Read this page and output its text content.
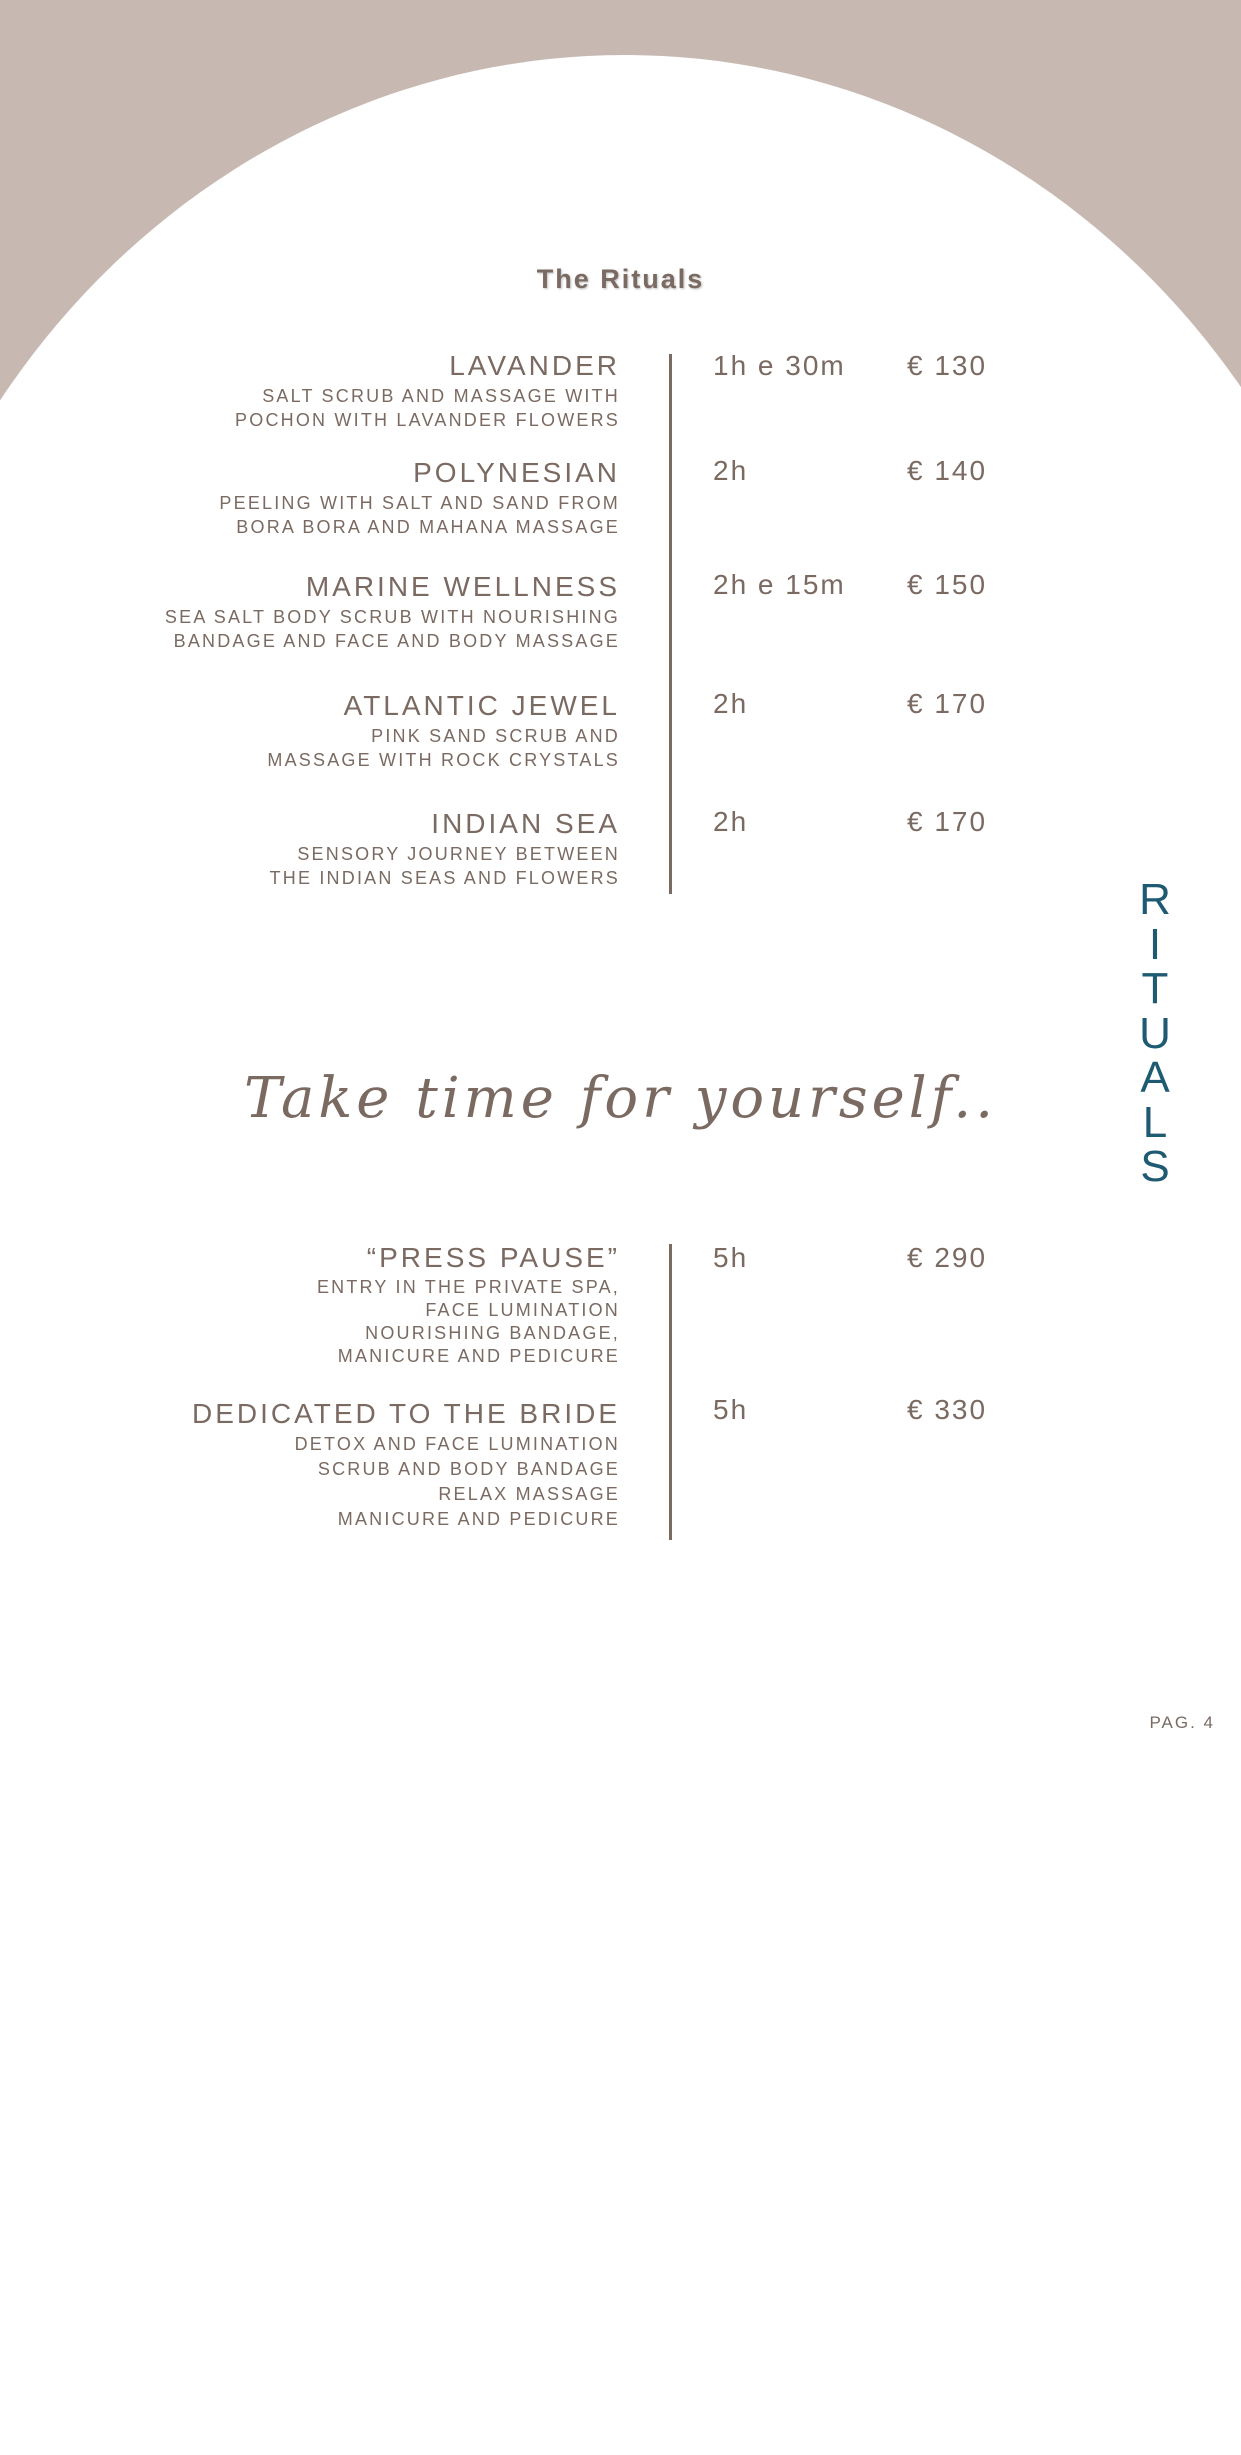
The Rituals
LAVANDER
SALT SCRUB AND MASSAGE WITH
POCHON WITH LAVANDER FLOWERS
1h e 30m € 130
POLYNESIAN
PEELING WITH SALT AND SAND FROM
BORA BORA AND MAHANA MASSAGE
2h	€ 140
MARINE WELLNESS
SEA SALT BODY SCRUB WITH NOURISHING
BANDAGE AND FACE AND BODY MASSAGE
2h e 15m € 150
ATLANTIC JEWEL
PINK SAND SCRUB AND
MASSAGE WITH ROCK CRYSTALS
2h	€ 170
INDIAN SEA
SENSORY JOURNEY BETWEEN
THE INDIAN SEAS AND FLOWERS
2h	€ 170
Take time for yourself..
“PRESS PAUSE”
ENTRY IN THE PRIVATE SPA,
FACE LUMINATION
NOURISHING BANDAGE,
MANICURE AND PEDICURE
5h	€ 290
DEDICATED TO THE BRIDE
DETOX AND FACE LUMINATION
SCRUB AND BODY BANDAGE
RELAX MASSAGE
MANICURE AND PEDICURE
5h	€ 330
R
I
T
U
A
L
S
PAG. 4
